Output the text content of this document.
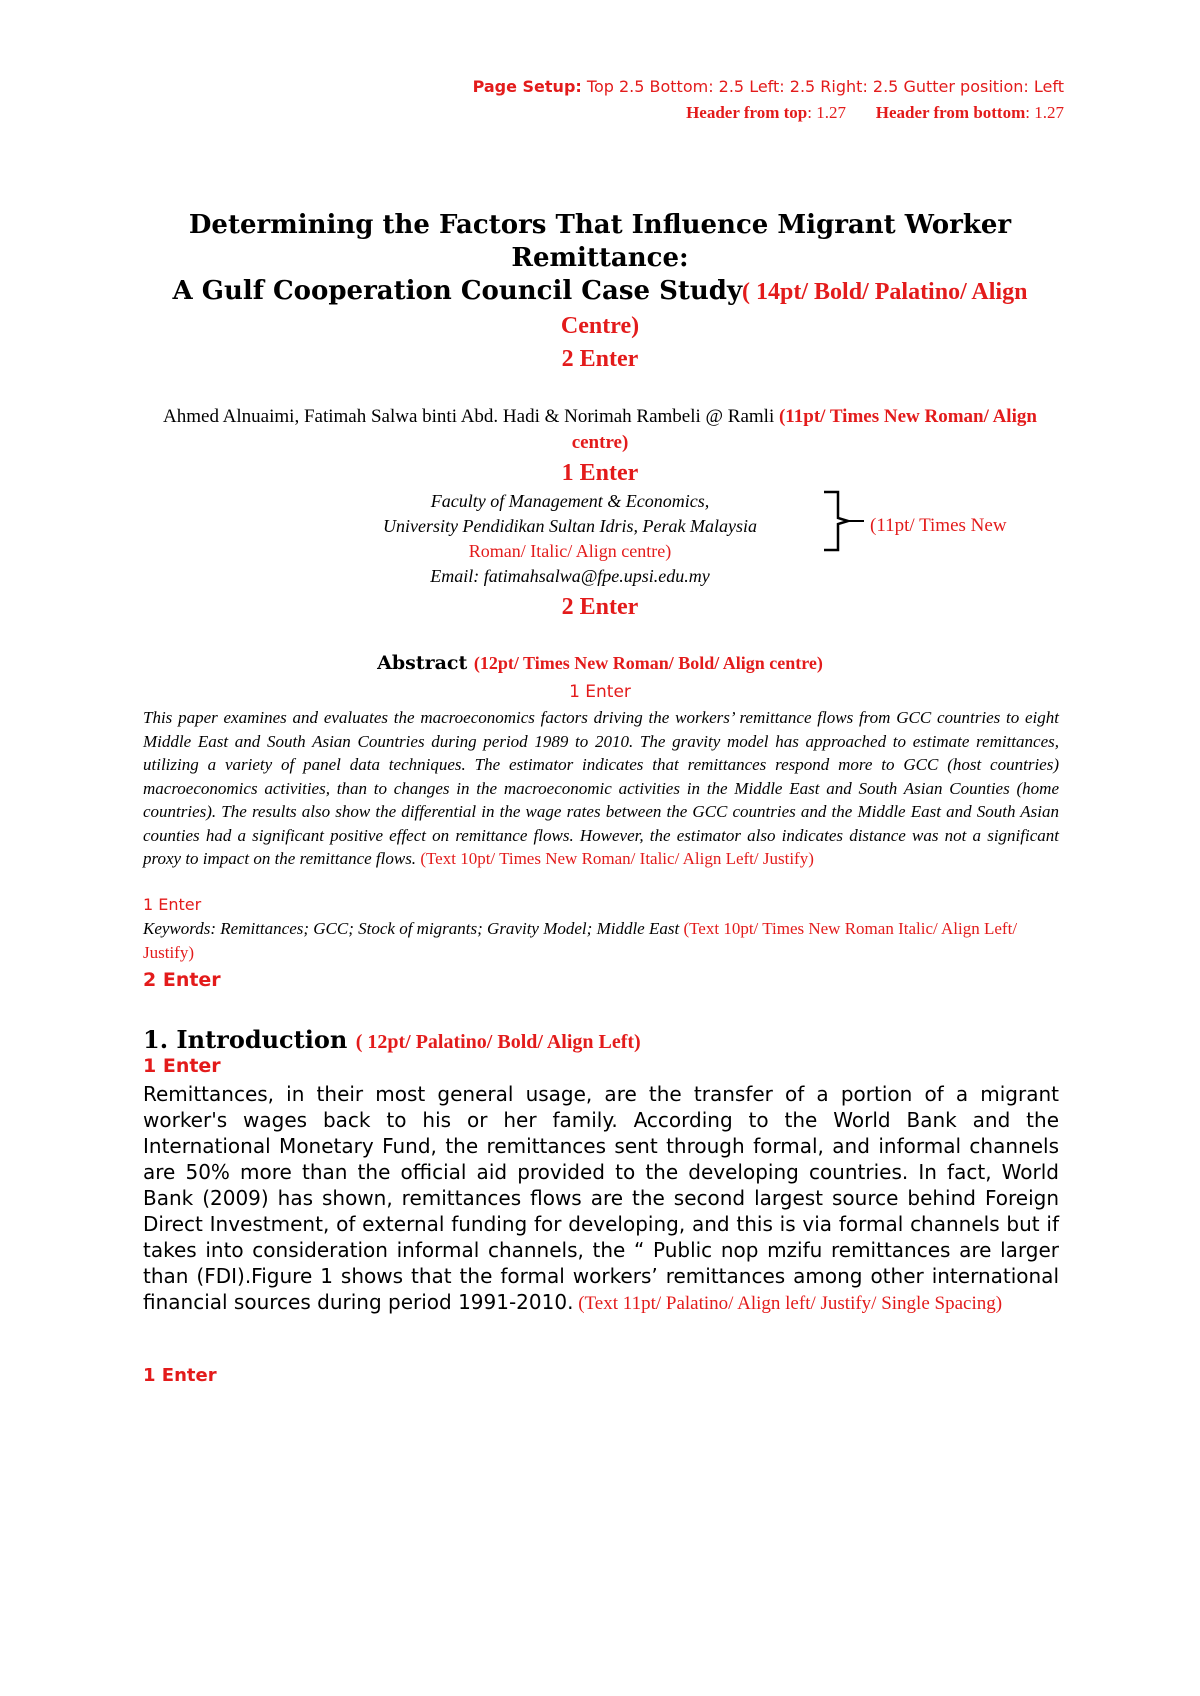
Page Setup: Top 2.5 Bottom: 2.5 Left: 2.5 Right: 2.5 Gutter position: Left
Header from top: 1.27 Header from bottom: 1.27
Determining the Factors That Influence Migrant Worker
Remittance:
A Gulf Cooperation Council Case Study( 14pt/ Bold/ Palatino/ Align Centre)
2 Enter
Ahmed Alnuaimi, Fatimah Salwa binti Abd. Hadi & Norimah Rambeli @ Ramli (11pt/ Times New Roman/ Align centre)
1 Enter
Faculty of Management & Economics,
University Pendidikan Sultan Idris, Perak Malaysia
Roman/ Italic/ Align centre)
Email: fatimahsalwa@fpe.upsi.edu.my
(11pt/ Times New
2 Enter
Abstract (12pt/ Times New Roman/ Bold/ Align centre)
1 Enter
This paper examines and evaluates the macroeconomics factors driving the workers’ remittance flows from GCC countries to eight Middle East and South Asian Countries during period 1989 to 2010. The gravity model has approached to estimate remittances, utilizing a variety of panel data techniques. The estimator indicates that remittances respond more to GCC (host countries) macroeconomics activities, than to changes in the macroeconomic activities in the Middle East and South Asian Counties (home countries). The results also show the differential in the wage rates between the GCC countries and the Middle East and South Asian counties had a significant positive effect on remittance flows. However, the estimator also indicates distance was not a significant proxy to impact on the remittance flows. (Text 10pt/ Times New Roman/ Italic/ Align Left/ Justify)
1 Enter
Keywords: Remittances; GCC; Stock of migrants; Gravity Model; Middle East (Text 10pt/ Times New Roman Italic/ Align Left/ Justify)
2 Enter
1. Introduction ( 12pt/ Palatino/ Bold/ Align Left)
1 Enter
Remittances, in their most general usage, are the transfer of a portion of a migrant worker's wages back to his or her family. According to the World Bank and the International Monetary Fund, the remittances sent through formal, and informal channels are 50% more than the official aid provided to the developing countries. In fact, World Bank (2009) has shown, remittances flows are the second largest source behind Foreign Direct Investment, of external funding for developing, and this is via formal channels but if takes into consideration informal channels, the “ Public nop mzifu remittances are larger than (FDI).Figure 1 shows that the formal workers’ remittances among other international financial sources during period 1991-2010. (Text 11pt/ Palatino/ Align left/ Justify/ Single Spacing)
1 Enter
